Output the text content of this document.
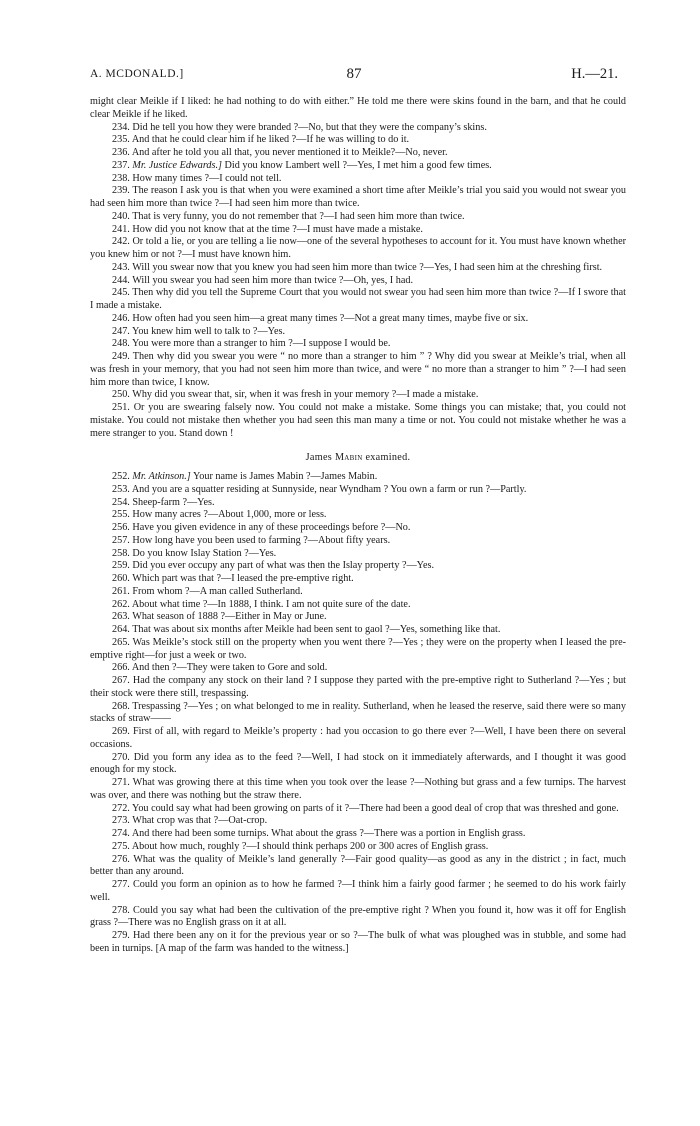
A. MCDONALD.]	87	H.—21.

might clear Meikle if I liked: he had nothing to do with either.” He told me there were skins found in the barn, and that he could clear Meikle if he liked.

234. Did he tell you how they were branded ?—No, but that they were the company’s skins.

235. And that he could clear him if he liked ?—If he was willing to do it.

236. And after he told you all that, you never mentioned it to Meikle?—No, never.

237. Mr. Justice Edwards.] Did you know Lambert well ?—Yes, I met him a good few times.

238. How many times ?—I could not tell.

239. The reason I ask you is that when you were examined a short time after Meikle’s trial you said you would not swear you had seen him more than twice ?—I had seen him more than twice.

240. That is very funny, you do not remember that ?—I had seen him more than twice.

241. How did you not know that at the time ?—I must have made a mistake.

242. Or told a lie, or you are telling a lie now—one of the several hypotheses to account for it. You must have known whether you knew him or not ?—I must have known him.

243. Will you swear now that you knew you had seen him more than twice ?—Yes, I had seen him at the chreshing first.

244. Will you swear you had seen him more than twice ?—Oh, yes, I had.

245. Then why did you tell the Supreme Court that you would not swear you had seen him more than twice ?—If I swore that I made a mistake.

246. How often had you seen him—a great many times ?—Not a great many times, maybe five or six.

247. You knew him well to talk to ?—Yes.

248. You were more than a stranger to him ?—I suppose I would be.

249. Then why did you swear you were “ no more than a stranger to him ” ? Why did you swear at Meikle’s trial, when all was fresh in your memory, that you had not seen him more than twice, and were “ no more than a stranger to him ” ?—I had seen him more than twice, I know.

250. Why did you swear that, sir, when it was fresh in your memory ?—I made a mistake.

251. Or you are swearing falsely now. You could not make a mistake. Some things you can mistake; that, you could not mistake. You could not mistake then whether you had seen this man many a time or not. You could not mistake whether he was a mere stranger to you. Stand down !

James Mabin examined.

252. Mr. Atkinson.] Your name is James Mabin ?—James Mabin.

253. And you are a squatter residing at Sunnyside, near Wyndham ? You own a farm or run ?—Partly.

254. Sheep-farm ?—Yes.

255. How many acres ?—About 1,000, more or less.

256. Have you given evidence in any of these proceedings before ?—No.

257. How long have you been used to farming ?—About fifty years.

258. Do you know Islay Station ?—Yes.

259. Did you ever occupy any part of what was then the Islay property ?—Yes.

260. Which part was that ?—I leased the pre-emptive right.

261. From whom ?—A man called Sutherland.

262. About what time ?—In 1888, I think. I am not quite sure of the date.

263. What season of 1888 ?—Either in May or June.

264. That was about six months after Meikle had been sent to gaol ?—Yes, something like that.

265. Was Meikle’s stock still on the property when you went there ?—Yes ; they were on the property when I leased the pre-emptive right—for just a week or two.

266. And then ?—They were taken to Gore and sold.

267. Had the company any stock on their land ? I suppose they parted with the pre-emptive right to Sutherland ?—Yes ; but their stock were there still, trespassing.

268. Trespassing ?—Yes ; on what belonged to me in reality. Sutherland, when he leased the reserve, said there were so many stacks of straw——

269. First of all, with regard to Meikle’s property : had you occasion to go there ever ?—Well, I have been there on several occasions.

270. Did you form any idea as to the feed ?—Well, I had stock on it immediately afterwards, and I thought it was good enough for my stock.

271. What was growing there at this time when you took over the lease ?—Nothing but grass and a few turnips. The harvest was over, and there was nothing but the straw there.

272. You could say what had been growing on parts of it ?—There had been a good deal of crop that was threshed and gone.

273. What crop was that ?—Oat-crop.

274. And there had been some turnips. What about the grass ?—There was a portion in English grass.

275. About how much, roughly ?—I should think perhaps 200 or 300 acres of English grass.

276. What was the quality of Meikle’s land generally ?—Fair good quality—as good as any in the district ; in fact, much better than any around.

277. Could you form an opinion as to how he farmed ?—I think him a fairly good farmer ; he seemed to do his work fairly well.

278. Could you say what had been the cultivation of the pre-emptive right ? When you found it, how was it off for English grass ?—There was no English grass on it at all.

279. Had there been any on it for the previous year or so ?—The bulk of what was ploughed was in stubble, and some had been in turnips. [A map of the farm was handed to the witness.]
